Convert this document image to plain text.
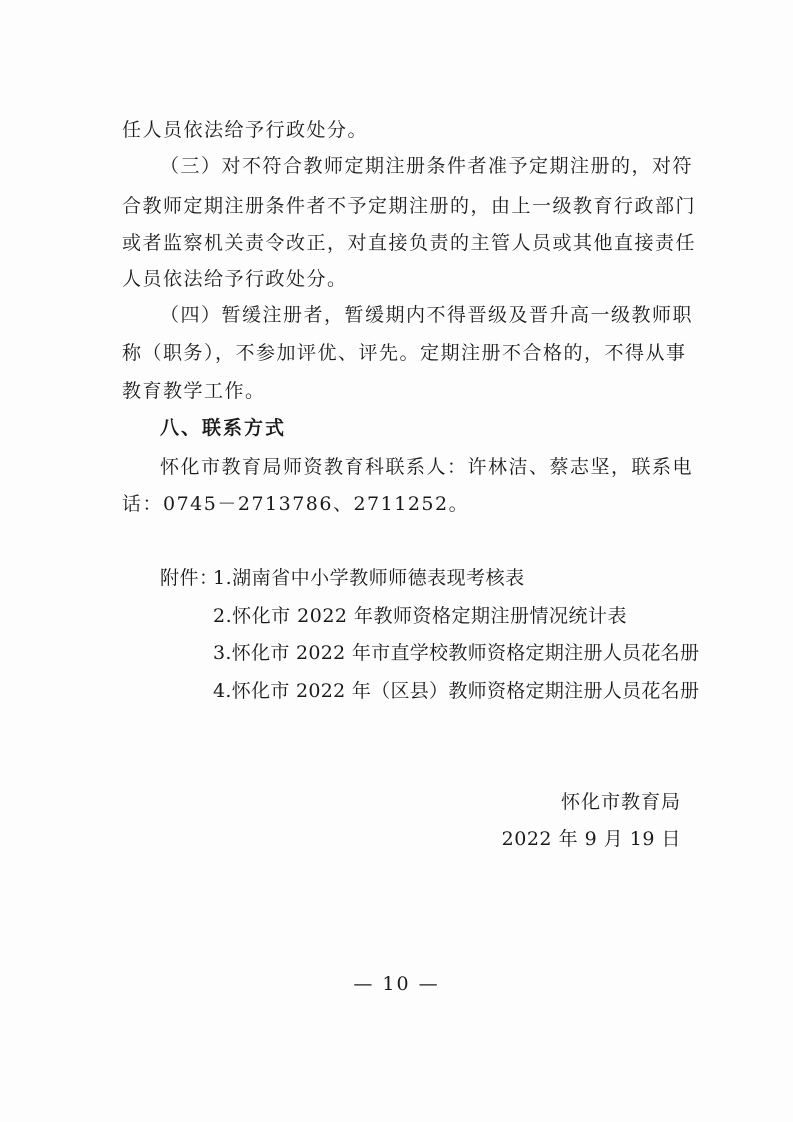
任人员依法给予行政处分。
（三）对不符合教师定期注册条件者准予定期注册的，对符
合教师定期注册条件者不予定期注册的，由上一级教育行政部门
或者监察机关责令改正，对直接负责的主管人员或其他直接责任
人员依法给予行政处分。
（四）暂缓注册者，暂缓期内不得晋级及晋升高一级教师职
称（职务），不参加评优、评先。定期注册不合格的，不得从事
教育教学工作。
八、联系方式
怀化市教育局师资教育科联系人：许林洁、蔡志坚，联系电
话：0745－2713786、2711252。
附件：
1.湖南省中小学教师师德表现考核表
2.怀化市 2022 年教师资格定期注册情况统计表
3.怀化市 2022 年市直学校教师资格定期注册人员花名册
4.怀化市 2022 年（区县）教师资格定期注册人员花名册
怀化市教育局
2022 年 9 月 19 日
— 10 —
